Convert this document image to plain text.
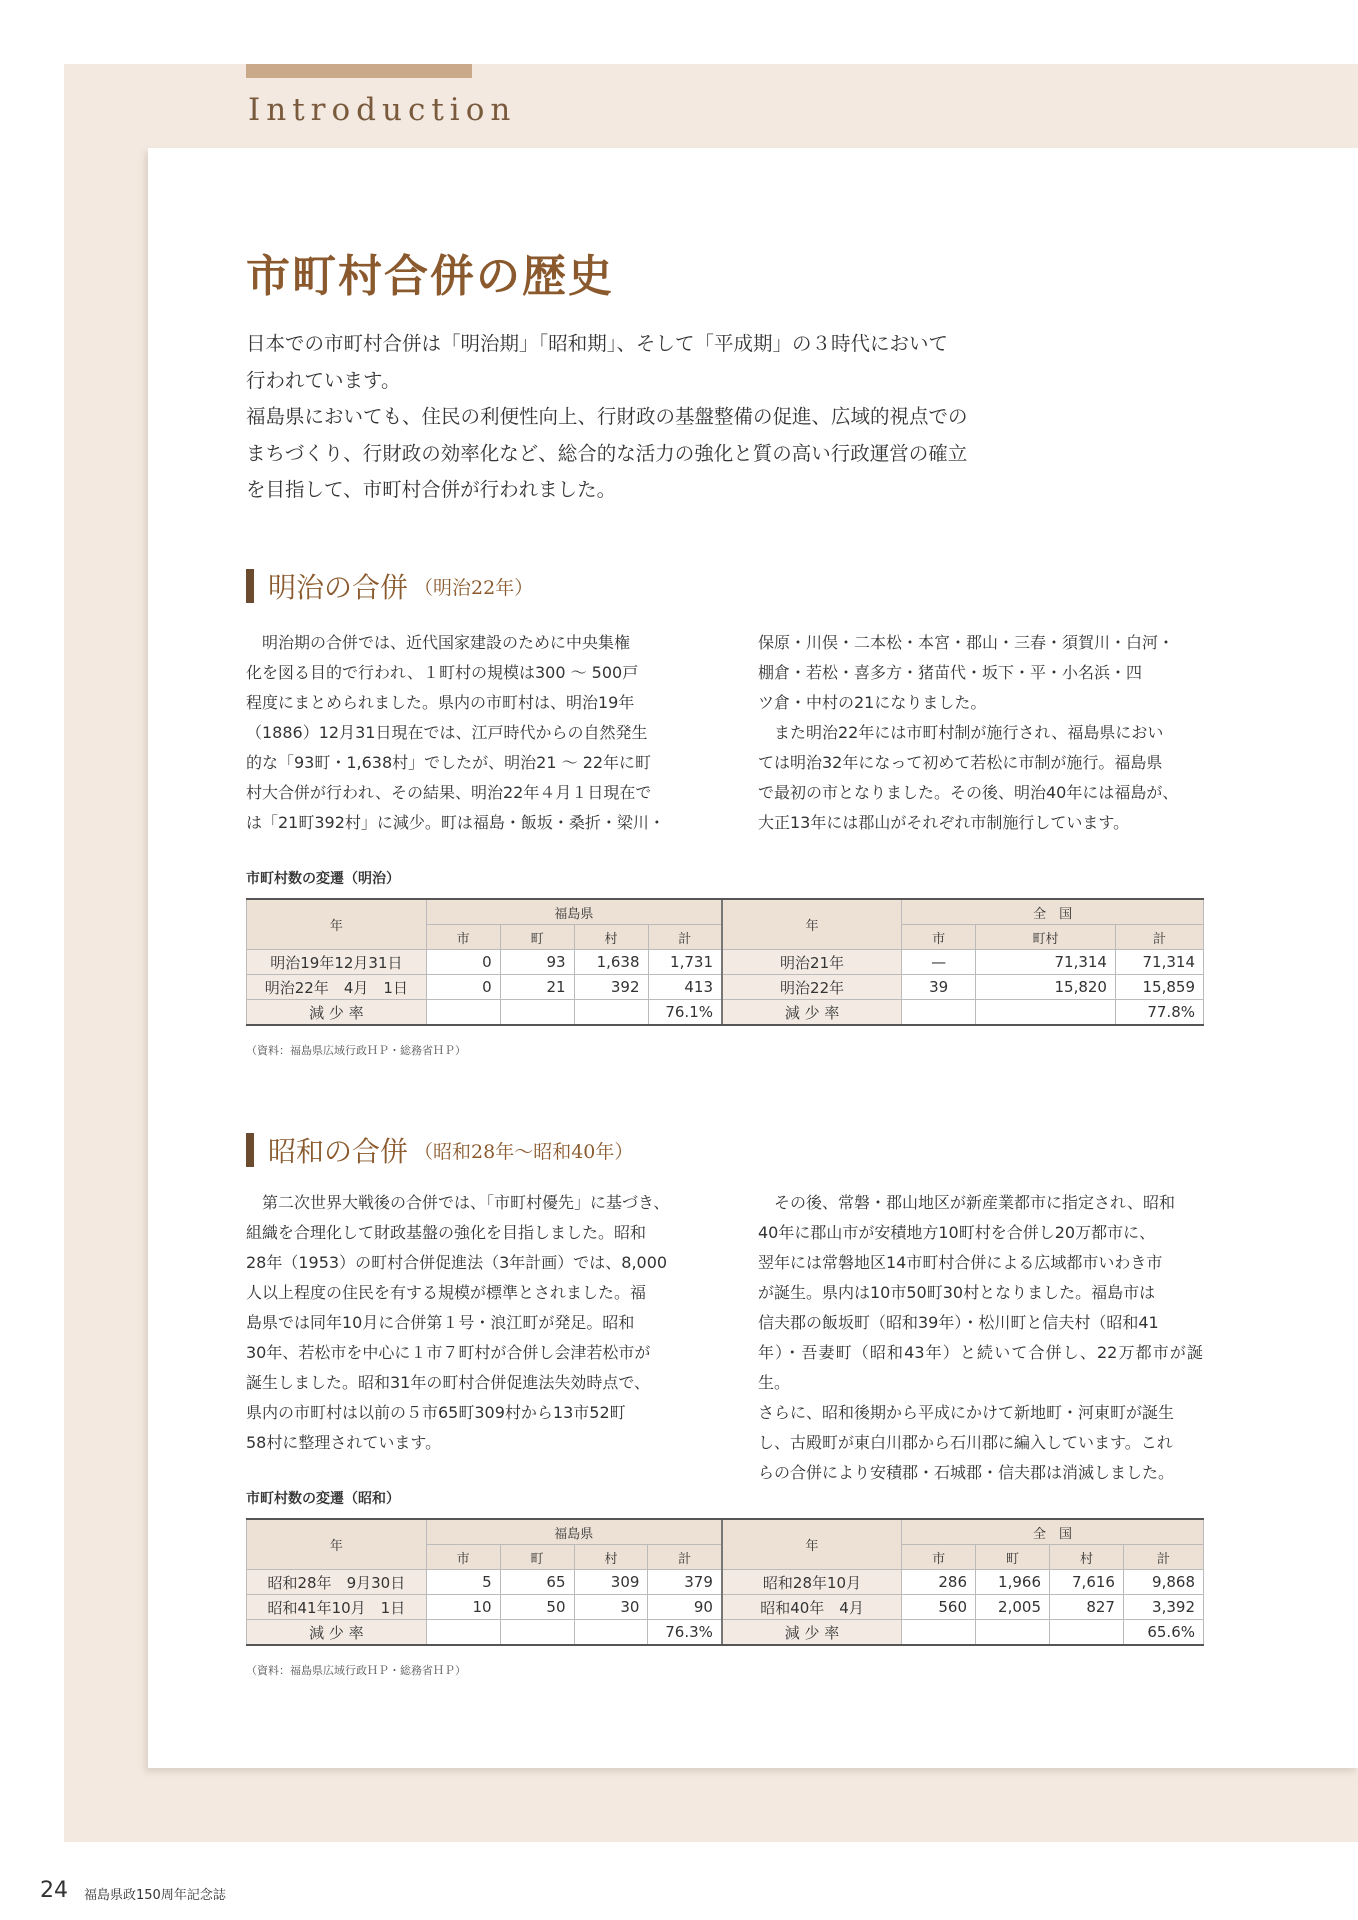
Introduction
市町村合併の歴史

日本での市町村合併は「明治期」「昭和期」、そして「平成期」の３時代において

行われています。

福島県においても、住民の利便性向上、行財政の基盤整備の促進、広域的視点での

まちづくり、行財政の効率化など、総合的な活力の強化と質の高い行政運営の確立

を目指して、市町村合併が行われました。

明治の合併 （明治22年）

　明治期の合併では、近代国家建設のために中央集権

化を図る目的で行われ、１町村の規模は300 ～ 500戸

程度にまとめられました。県内の市町村は、明治19年

（1886）12月31日現在では、江戸時代からの自然発生

的な「93町・1,638村」でしたが、明治21 ～ 22年に町

村大合併が行われ、その結果、明治22年４月１日現在で

は「21町392村」に減少。町は福島・飯坂・桑折・梁川・

保原・川俣・二本松・本宮・郡山・三春・須賀川・白河・

棚倉・若松・喜多方・猪苗代・坂下・平・小名浜・四

ツ倉・中村の21になりました。

　また明治22年には市町村制が施行され、福島県におい

ては明治32年になって初めて若松に市制が施行。福島県

で最初の市となりました。その後、明治40年には福島が、

大正13年には郡山がそれぞれ市制施行しています。

市町村数の変遷（明治）
年	福島県				年	全　国		
	市	町	村	計		市	町村	計
明治19年12月31日	0	93	1,638	1,731	明治21年	—	71,314	71,314
明治22年　4月　1日	0	21	392	413	明治22年	39	15,820	15,859
減 少 率				76.1%	減 少 率			77.8%
（資料：福島県広域行政ＨＰ・総務省ＨＰ）
昭和の合併 （昭和28年～昭和40年）

　第二次世界大戦後の合併では、「市町村優先」に基づき、

組織を合理化して財政基盤の強化を目指しました。昭和

28年（1953）の町村合併促進法（3年計画）では、8,000

人以上程度の住民を有する規模が標準とされました。福

島県では同年10月に合併第１号・浪江町が発足。昭和

30年、若松市を中心に１市７町村が合併し会津若松市が

誕生しました。昭和31年の町村合併促進法失効時点で、

県内の市町村は以前の５市65町309村から13市52町

58村に整理されています。

　その後、常磐・郡山地区が新産業都市に指定され、昭和

40年に郡山市が安積地方10町村を合併し20万都市に、

翌年には常磐地区14市町村合併による広域都市いわき市

が誕生。県内は10市50町30村となりました。福島市は

信夫郡の飯坂町（昭和39年）・松川町と信夫村（昭和41

年）・吾妻町（昭和43年）と続いて合併し、22万都市が誕生。

さらに、昭和後期から平成にかけて新地町・河東町が誕生

し、古殿町が東白川郡から石川郡に編入しています。これ

らの合併により安積郡・石城郡・信夫郡は消滅しました。

市町村数の変遷（昭和）
年	福島県				年	全　国			
	市	町	村	計		市	町	村	計
昭和28年　9月30日	5	65	309	379	昭和28年10月	286	1,966	7,616	9,868
昭和41年10月　1日	10	50	30	90	昭和40年　4月	560	2,005	827	3,392
減 少 率				76.3%	減 少 率				65.6%
（資料：福島県広域行政ＨＰ・総務省ＨＰ）
24 福島県政150周年記念誌
